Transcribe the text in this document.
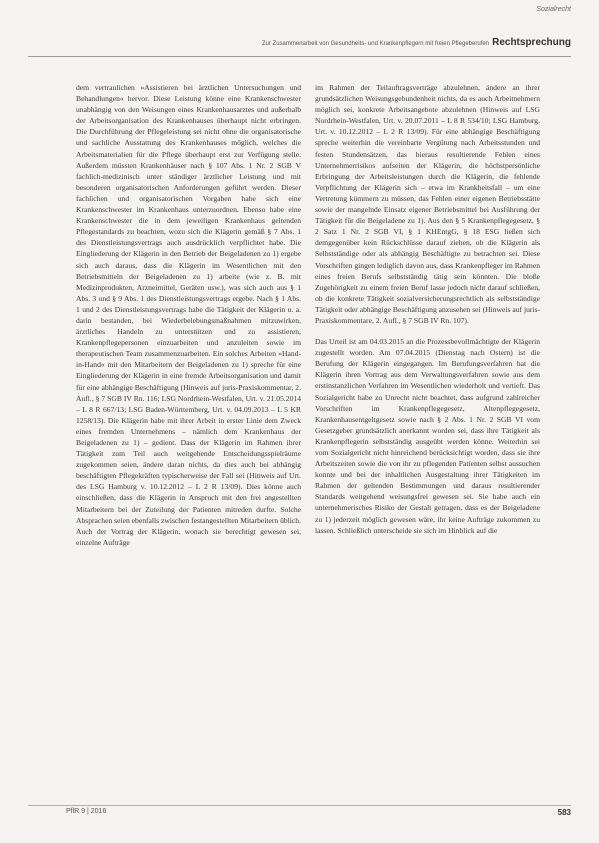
Sozialrecht
Zur Zusammenarbeit von Gesundheits- und Krankenpflegern mit freien Pflegeberufen Rechtsprechung

dem vertraulichen »Assistieren bei ärztlichen Untersuchungen und Behandlungen« hervor. Diese Leistung könne eine Krankenschwester unabhängig von den Weisungen eines Krankenhausarztes und außerhalb der Arbeitsorganisation des Krankenhauses überhaupt nicht erbringen. Die Durchführung der Pflegeleistung sei nicht ohne die organisatorische und sachliche Ausstattung des Krankenhauses möglich, welches die Arbeitsmaterialien für die Pflege überhaupt erst zur Verfügung stelle. Außerdem müssten Krankenhäuser nach § 107 Abs. 1 Nr. 2 SGB V fachlich-medizinisch unter ständiger ärztlicher Leistung und mit besonderen organisatorischen Anforderungen geführt werden. Dieser fachlichen und organisatorischen Vorgaben habe sich eine Krankenschwester im Krankenhaus unterzuordnen. Ebenso habe eine Krankenschwester die in dem jeweiligen Krankenhaus geltenden Pflegestandards zu beachten, wozu sich die Klägerin gemäß § 7 Abs. 1 des Dienstleistungsvertrags auch ausdrücklich verpflichtet habe. Die Eingliederung der Klägerin in den Betrieb der Beigeladenen zu 1) ergebe sich auch daraus, dass die Klägerin im Wesentlichen mit den Betriebsmitteln der Beigeladenen zu 1) arbeite (wie z. B. mit Medizinprodukten, Arzneimittel, Geräten usw.), was sich auch aus § 1 Abs. 3 und § 9 Abs. 1 des Dienstleistungsvertrags ergebe. Nach § 1 Abs. 1 und 2 des Dienstleistungsvertrags habe die Tätigkeit der Klägerin u. a. darin bestanden, bei Wiederbelebungsmaßnahmen mitzuwirken, ärztliches Handeln zu unterstützen und zu assistieren, Krankenpflegepersonen einzuarbeiten und anzuleiten sowie im therapeutischen Team zusammenzuarbeiten. Ein solches Arbeiten »Hand-in-Hand« mit den Mitarbeitern der Beigeladenen zu 1) spreche für eine Eingliederung der Klägerin in eine fremde Arbeitsorganisation und damit für eine abhängige Beschäftigung (Hinweis auf juris-Praxiskommentar, 2. Aufl., § 7 SGB IV Rn. 116; LSG Nordrhein-Westfalen, Urt. v. 21.05.2014 – L 8 R 667/13; LSG Baden-Württemberg, Urt. v. 04.09.2013 – L 5 KR 1258/13). Die Klägerin habe mit ihrer Arbeit in erster Linie dem Zweck eines fremden Unternehmens – nämlich dem Krankenhaus der Beigeladenen zu 1) – gedient. Dass der Klägerin im Rahmen ihrer Tätigkeit zum Teil auch weitgehende Entscheidungsspielräume zugekommen seien, ändere daran nichts, da dies auch bei abhängig beschäftigten Pflegekräften typischerweise der Fall sei (Hinweis auf Urt. des LSG Hamburg v. 10.12.2012 – L 2 R 13/09). Dies könne auch einschließen, dass die Klägerin in Anspruch mit den frei angestellten Mitarbeitern bei der Zuteilung der Patienten mitreden durfte. Solche Absprachen seien ebenfalls zwischen festangestellten Mitarbeitern üblich. Auch der Vortrag der Klägerin, wonach sie berechtigt gewesen sei, einzelne Aufträge

im Rahmen der Teilauftragsverträge abzulehnen, ändere an ihrer grundsätzlichen Weisungsgebundenheit nichts, da es auch Arbeitnehmern möglich sei, konkrete Arbeitsangebote abzulehnen (Hinweis auf LSG Nordrhein-Westfalen, Urt. v. 20.07.2011 – L 8 R 534/10; LSG Hamburg, Urt. v. 10.12.2012 – L 2 R 13/09). Für eine abhängige Beschäftigung spreche weiterhin die vereinbarte Vergütung nach Arbeitsstunden und festen Stundensätzen, das hieraus resultierende Fehlen eines Unternehmerrisikos aufseiten der Klägerin, die höchstpersönliche Erbringung der Arbeitsleistungen durch die Klägerin, die fehlende Verpflichtung der Klägerin sich – etwa im Krankheitsfall – um eine Vertretung kümmern zu müssen, das Fehlen einer eigenen Betriebsstätte sowie der mangelnde Einsatz eigener Betriebsmittel bei Ausführung der Tätigkeit für die Beigeladene zu 1). Aus den § 5 Krankenpflegegesetz, § 2 Satz 1 Nr. 2 SGB VI, § 1 KHEntgG, § 18 ESG ließen sich demgegenüber kein Rückschlüsse darauf ziehen, ob die Klägerin als Selbstständige oder als abhängig Beschäftigte zu betrachten sei. Diese Vorschriften gingen lediglich davon aus, dass Krankenpfleger im Rahmen eines freien Berufs selbstständig tätig sein könnten. Die bloße Zugehörigkeit zu einem freien Beruf lasse jedoch nicht darauf schließen, ob die konkrete Tätigkeit sozialversicherungsrechtlich als selbstständige Tätigkeit oder abhängige Beschäftigung anzusehen sei (Hinweis auf juris-Praxiskommentare, 2. Aufl., § 7 SGB IV Rn. 107).

Das Urteil ist am 04.03.2015 an die Prozessbevollmächtigte der Klägerin zugestellt worden. Am 07.04.2015 (Dienstag nach Ostern) ist die Berufung der Klägerin eingegangen. Im Berufungsverfahren hat die Klägerin ihren Vortrag aus dem Verwaltungsverfahren sowie aus dem erstinstanzlichen Verfahren im Wesentlichen wiederholt und vertieft. Das Sozialgericht habe zu Unrecht nicht beachtet, dass aufgrund zahlreicher Vorschriften im Krankenpflegegesetz, Altenpflegegesetz, Krankenhausentgeltgesetz sowie nach § 2 Abs. 1 Nr. 2 SGB VI vom Gesetzgeber grundsätzlich anerkannt worden sei, dass ihre Tätigkeit als Krankenpflegerin selbstständig ausgeübt werden könne. Weiterhin sei vom Sozialgericht nicht hinreichend berücksichtigt worden, dass sie ihre Arbeitszeiten sowie die von ihr zu pflegenden Patienten selbst aussuchen konnte und bei der inhaltlichen Ausgestaltung ihrer Tätigkeiten im Rahmen der geltenden Bestimmungen und daraus resultierender Standards weitgehend weisungsfrei gewesen sei. Sie habe auch ein unternehmerisches Risiko der Gestalt getragen, dass es der Beigeladene zu 1) jederzeit möglich gewesen wäre, ihr keine Aufträge zukommen zu lassen. Schließlich unterscheide sie sich im Hinblick auf die

PflR 9 | 2016	583
